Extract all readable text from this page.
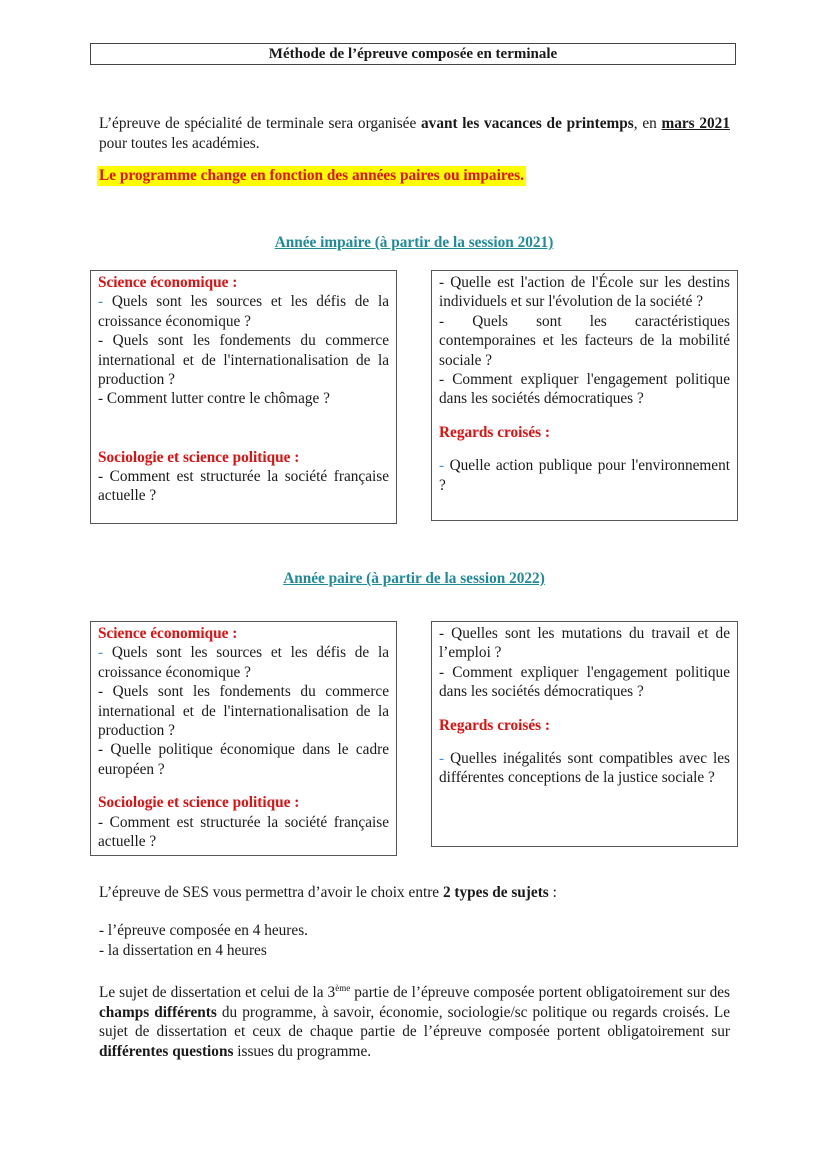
Méthode de l’épreuve composée en terminale
L’épreuve de spécialité de terminale sera organisée avant les vacances de printemps, en mars 2021 pour toutes les académies.
Le programme change en fonction des années paires ou impaires.
Année impaire (à partir de la session 2021)
Science économique :
- Quels sont les sources et les défis de la croissance économique ?
- Quels sont les fondements du commerce international et de l'internationalisation de la production ?
- Comment lutter contre le chômage ?
Sociologie et science politique :
- Comment est structurée la société française actuelle ?
- Quelle est l'action de l'École sur les destins individuels et sur l'évolution de la société ?
- Quels sont les caractéristiques contemporaines et les facteurs de la mobilité sociale ?
- Comment expliquer l'engagement politique dans les sociétés démocratiques ?
Regards croisés :
- Quelle action publique pour l'environnement ?
Année paire (à partir de la session 2022)
Science économique :
- Quels sont les sources et les défis de la croissance économique ?
- Quels sont les fondements du commerce international et de l'internationalisation de la production ?
- Quelle politique économique dans le cadre européen ?
Sociologie et science politique :
- Comment est structurée la société française actuelle ?
- Quelles sont les mutations du travail et de l’emploi ?
- Comment expliquer l'engagement politique dans les sociétés démocratiques ?
Regards croisés :
- Quelles inégalités sont compatibles avec les différentes conceptions de la justice sociale ?
L’épreuve de SES vous permettra d’avoir le choix entre 2 types de sujets :
- l’épreuve composée en 4 heures.
- la dissertation en 4 heures
Le sujet de dissertation et celui de la 3ème partie de l’épreuve composée portent obligatoirement sur des champs différents du programme, à savoir, économie, sociologie/sc politique ou regards croisés. Le sujet de dissertation et ceux de chaque partie de l’épreuve composée portent obligatoirement sur différentes questions issues du programme.
